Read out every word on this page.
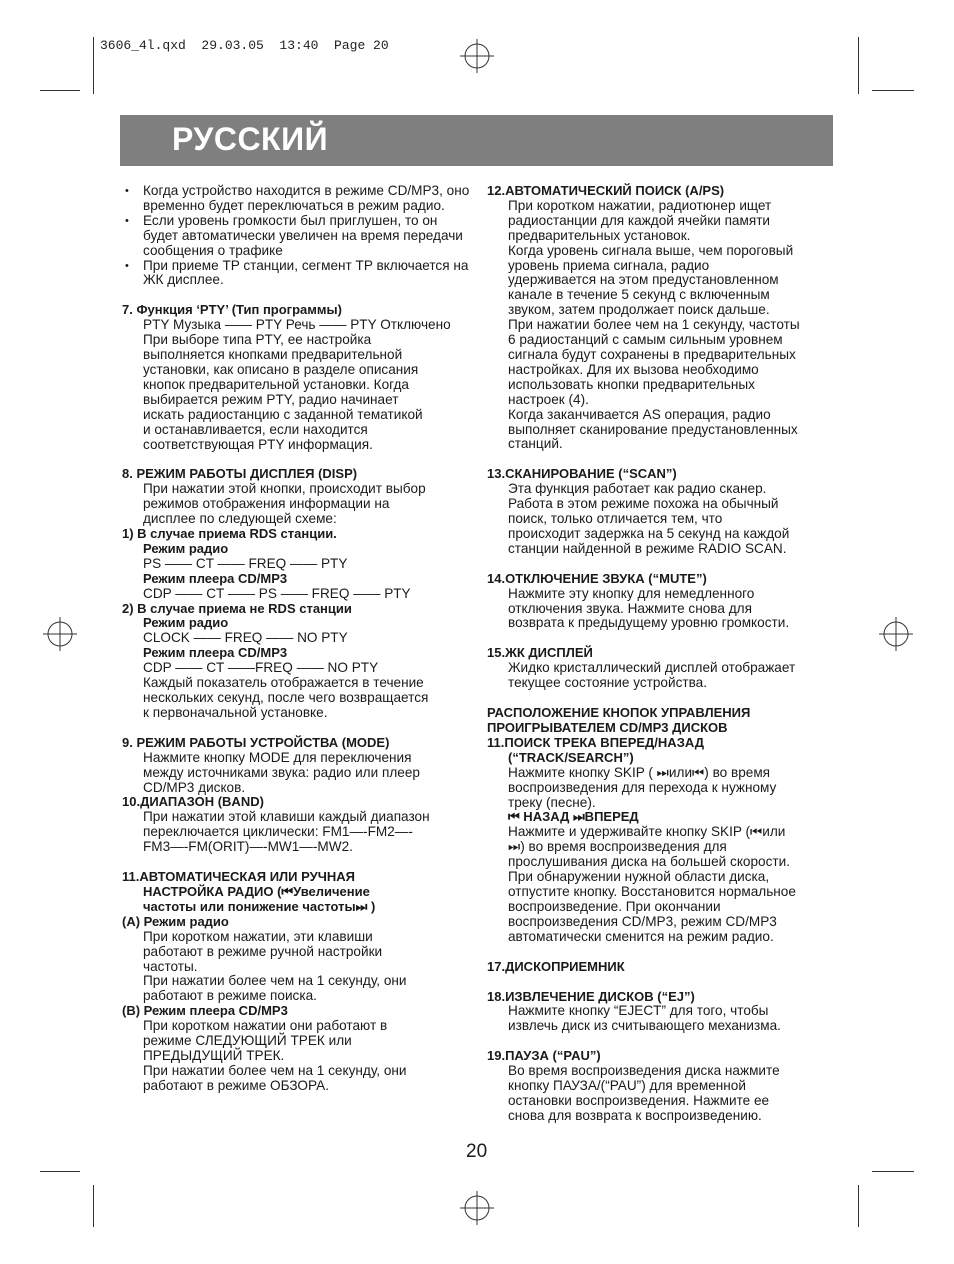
3606_4l.qxd  29.03.05  13:40  Page 20
РУССКИЙ

• Когда устройство находится в режиме CD/MP3, оно временно будет переключаться в режим радио.

• Если уровень громкости был приглушен, то он будет автоматически увеличен на время передачи сообщения о трафике

• При приеме TP станции, сегмент TP включается на ЖК дисплее.

7. Функция ‘PTY’ (Тип программы)

PTY Музыка —— PTY Речь —— PTY Отключено

При выборе типа PTY, ее настройка

выполняется кнопками предварительной

установки, как описано в разделе описания

кнопок предварительной установки. Когда

выбирается режим PTY, радио начинает

искать радиостанцию с заданной тематикой

и останавливается, если находится

соответствующая PTY информация.

8. РЕЖИМ РАБОТЫ ДИСПЛЕЯ (DISP)

При нажатии этой кнопки, происходит выбор

режимов отображения информации на

дисплее по следующей схеме:

1) В случае приема RDS станции.

Режим радио

PS —— CT —— FREQ —— PTY

Режим плеера CD/MP3

CDP —— CT —— PS —— FREQ —— PTY

2) В случае приема не RDS станции

Режим радио

CLOCK —— FREQ —— NO PTY

Режим плеера CD/MP3

CDP —— CT ——FREQ —— NO PTY

Каждый показатель отображается в течение

нескольких секунд, после чего возвращается

к первоначальной установке.

9. РЕЖИМ РАБОТЫ УСТРОЙСТВА (MODE)

Нажмите кнопку MODE для переключения

между источниками звука: радио или плеер

CD/MP3 дисков.

10.ДИАПАЗОН (BAND)

При нажатии этой клавиши каждый диапазон

переключается циклически: FM1—-FM2—-

FM3—-FM(ORIT)—-MW1—-MW2.

11.АВТОМАТИЧЕСКАЯ ИЛИ РУЧНАЯ

НАСТРОЙКА РАДИО (⏮Увеличение

частоты или понижение частоты⏭ )

(A) Режим радио

При коротком нажатии, эти клавиши

работают в режиме ручной настройки

частоты.

При нажатии более чем на 1 секунду, они

работают в режиме поиска.

(B) Режим плеера CD/MP3

При коротком нажатии они работают в

режиме СЛЕДУЮЩИЙ ТРЕК или

ПРЕДЫДУЩИЙ ТРЕК.

При нажатии более чем на 1 секунду, они

работают в режиме ОБЗОРА.

12.АВТОМАТИЧЕСКИЙ ПОИСК (A/PS)

При коротком нажатии, радиотюнер ищет

радиостанции для каждой ячейки памяти

предварительных установок.

Когда уровень сигнала выше, чем пороговый

уровень приема сигнала, радио

удерживается на этом предустановленном

канале в течение 5 секунд с включенным

звуком, затем продолжает поиск дальше.

При нажатии более чем на 1 секунду, частоты

6 радиостанций с самым сильным уровнем

сигнала будут сохранены в предварительных

настройках. Для их вызова необходимо

использовать кнопки предварительных

настроек (4).

Когда заканчивается AS операция, радио

выполняет сканирование предустановленных

станций.

13.СКАНИРОВАНИЕ (“SCAN”)

Эта функция работает как радио сканер.

Работа в этом режиме похожа на обычный

поиск, только отличается тем, что

происходит задержка на 5 секунд на каждой

станции найденной в режиме RADIO SCAN.

14.ОТКЛЮЧЕНИЕ ЗВУКА (“MUTE”)

Нажмите эту кнопку для немедленного

отключения звука. Нажмите снова для

возврата к предыдущему уровню громкости.

15.ЖК ДИСПЛЕЙ

Жидко кристаллический дисплей отображает

текущее состояние устройства.

РАСПОЛОЖЕНИЕ КНОПОК УПРАВЛЕНИЯ

ПРОИГРЫВАТЕЛЕМ CD/MP3 ДИСКОВ

11.ПОИСК ТРЕКА ВПЕРЕД/НАЗАД

(“TRACK/SEARCH”)

Нажмите кнопку SKIP ( ⏭или⏮) во время

воспроизведения для перехода к нужному

треку (песне).

⏮ НАЗАД ⏭ВПЕРЕД

Нажмите и удерживайте кнопку SKIP (⏮или

⏭) во время воспроизведения для

прослушивания диска на большей скорости.

При обнаружении нужной области диска,

отпустите кнопку. Восстановится нормальное

воспроизведение. При окончании

воспроизведения CD/MP3, режим CD/MP3

автоматически сменится на режим радио.

17.ДИСКОПРИЕМНИК

18.ИЗВЛЕЧЕНИЕ ДИСКОВ (“EJ”)

Нажмите кнопку “EJECT” для того, чтобы

извлечь диск из считывающего механизма.

19.ПАУЗА (“PAU”)

Во время воспроизведения диска нажмите

кнопку ПАУЗА/(“PAU”) для временной

остановки воспроизведения. Нажмите ее

снова для возврата к воспроизведению.

20
